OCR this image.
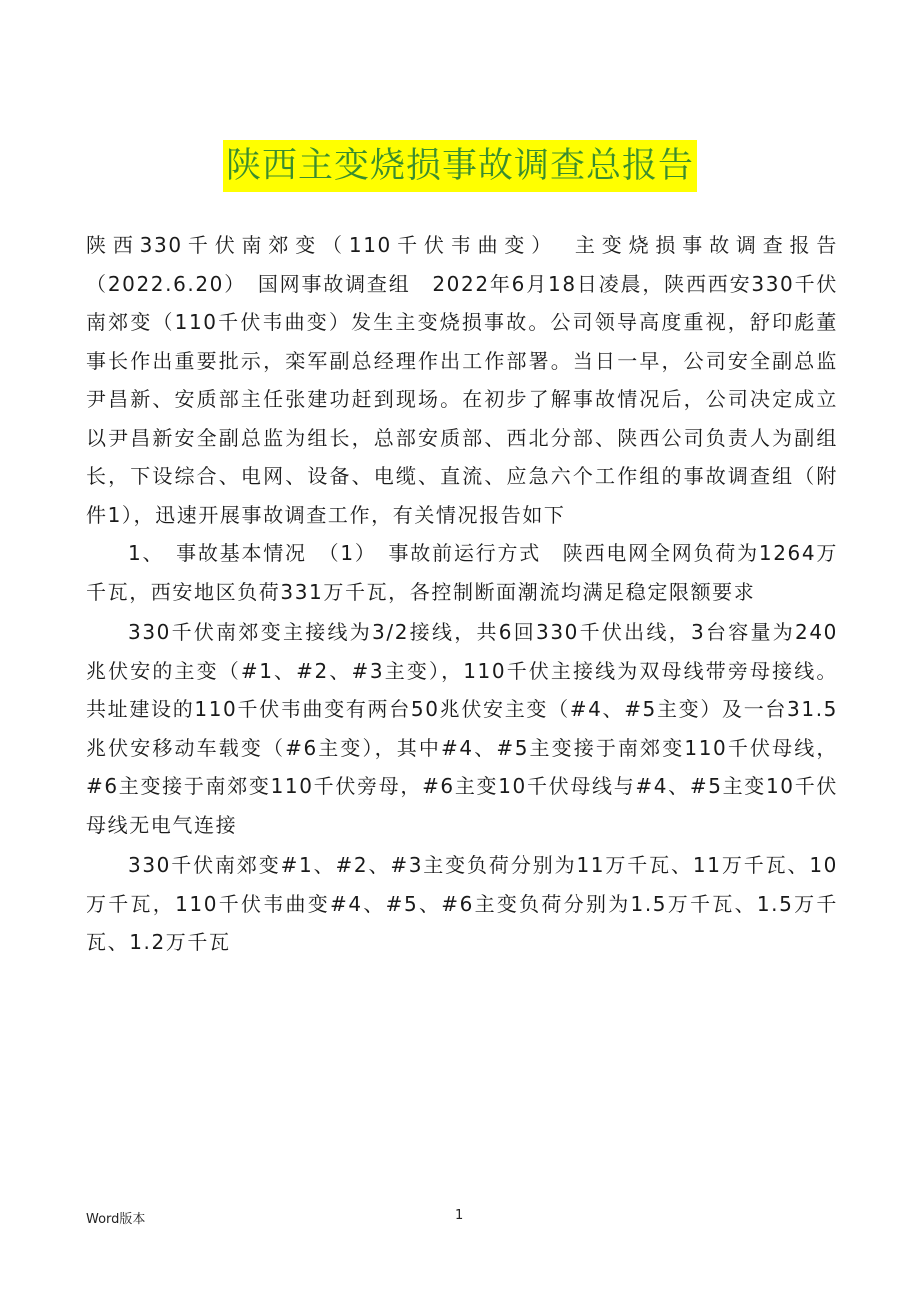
陕西主变烧损事故调查总报告

陕西330千伏南郊变（110千伏韦曲变）　主变烧损事故调查报告（2022.6.20）　国网事故调查组　2022年6月18日凌晨，陕西西安330千伏南郊变（110千伏韦曲变）发生主变烧损事故。公司领导高度重视，舒印彪董事长作出重要批示，栾军副总经理作出工作部署。当日一早，公司安全副总监尹昌新、安质部主任张建功赶到现场。在初步了解事故情况后，公司决定成立以尹昌新安全副总监为组长，总部安质部、西北分部、陕西公司负责人为副组长，下设综合、电网、设备、电缆、直流、应急六个工作组的事故调查组（附件1），迅速开展事故调查工作，有关情况报告如下

1、　事故基本情况　（1）　事故前运行方式　陕西电网全网负荷为1264万千瓦，西安地区负荷331万千瓦，各控制断面潮流均满足稳定限额要求

330千伏南郊变主接线为3/2接线，共6回330千伏出线，3台容量为240兆伏安的主变（#1、#2、#3主变），110千伏主接线为双母线带旁母接线。共址建设的110千伏韦曲变有两台50兆伏安主变（#4、#5主变）及一台31.5兆伏安移动车载变（#6主变），其中#4、#5主变接于南郊变110千伏母线，#6主变接于南郊变110千伏旁母，#6主变10千伏母线与#4、#5主变10千伏母线无电气连接

330千伏南郊变#1、#2、#3主变负荷分别为11万千瓦、11万千瓦、10万千瓦，110千伏韦曲变#4、#5、#6主变负荷分别为1.5万千瓦、1.5万千瓦、1.2万千瓦

Word版本	1
